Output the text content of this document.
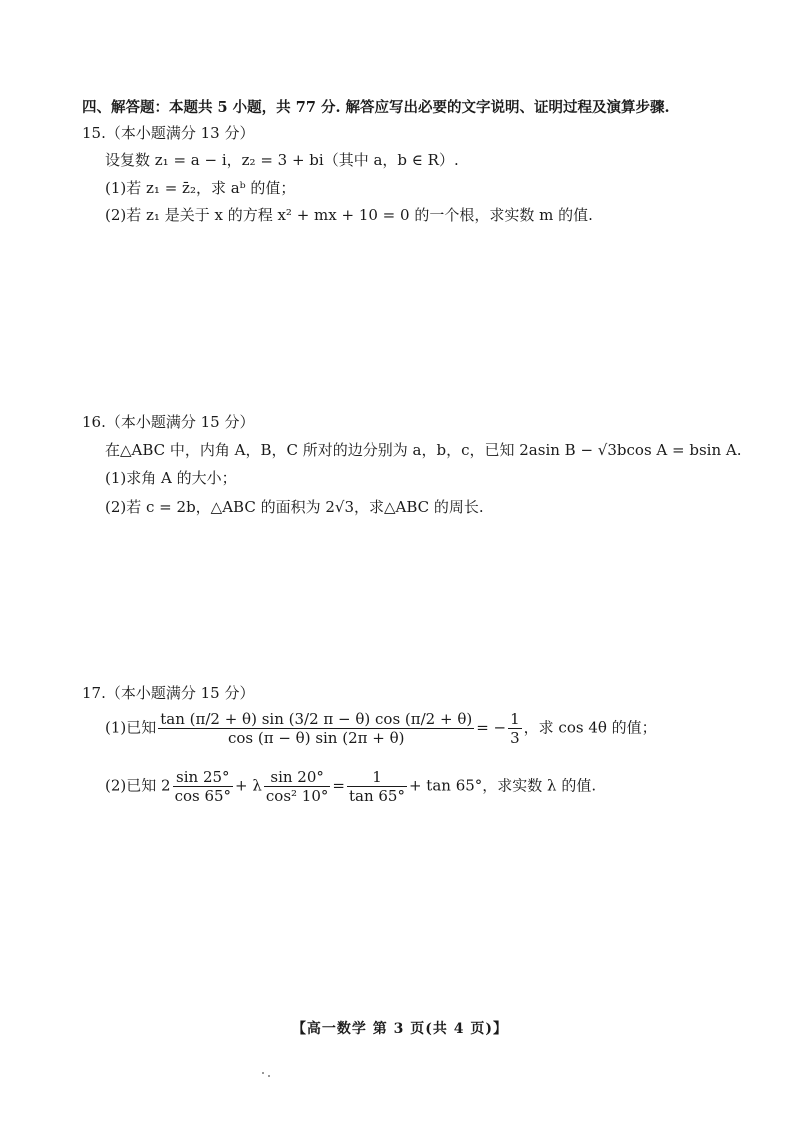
四、解答题：本题共 5 小题，共 77 分. 解答应写出必要的文字说明、证明过程及演算步骤.
15.（本小题满分 13 分）
设复数 z₁ = a − i，z₂ = 3 + bi（其中 a，b ∈ R）.
(1)若 z₁ = z̄₂，求 aᵇ 的值；
(2)若 z₁ 是关于 x 的方程 x² + mx + 10 = 0 的一个根，求实数 m 的值.
16.（本小题满分 15 分）
在△ABC 中，内角 A，B，C 所对的边分别为 a，b，c，已知 2asin B − √3bcos A = bsin A.
(1)求角 A 的大小；
(2)若 c = 2b，△ABC 的面积为 2√3，求△ABC 的周长.
17.（本小题满分 15 分）
(1)已知 $\frac{\tan (\pi/2 + \theta) \sin (3/2 \pi - \theta) \cos (\pi/2 + \theta)}{\cos (\pi - \theta) \sin (2\pi + \theta)}$ = − $\frac{1}{3}$ ，求 cos 4θ 的值；
(2)已知 $2 \frac{\sin 25^\circ}{\cos 65^\circ} + \lambda \frac{\sin 20^\circ}{\text{cos² 10°}} = \frac{1}{\tan 65^\circ} + \tan 65^\circ$，求实数 λ 的值.
【高一数学 第 3 页(共 4 页)】
